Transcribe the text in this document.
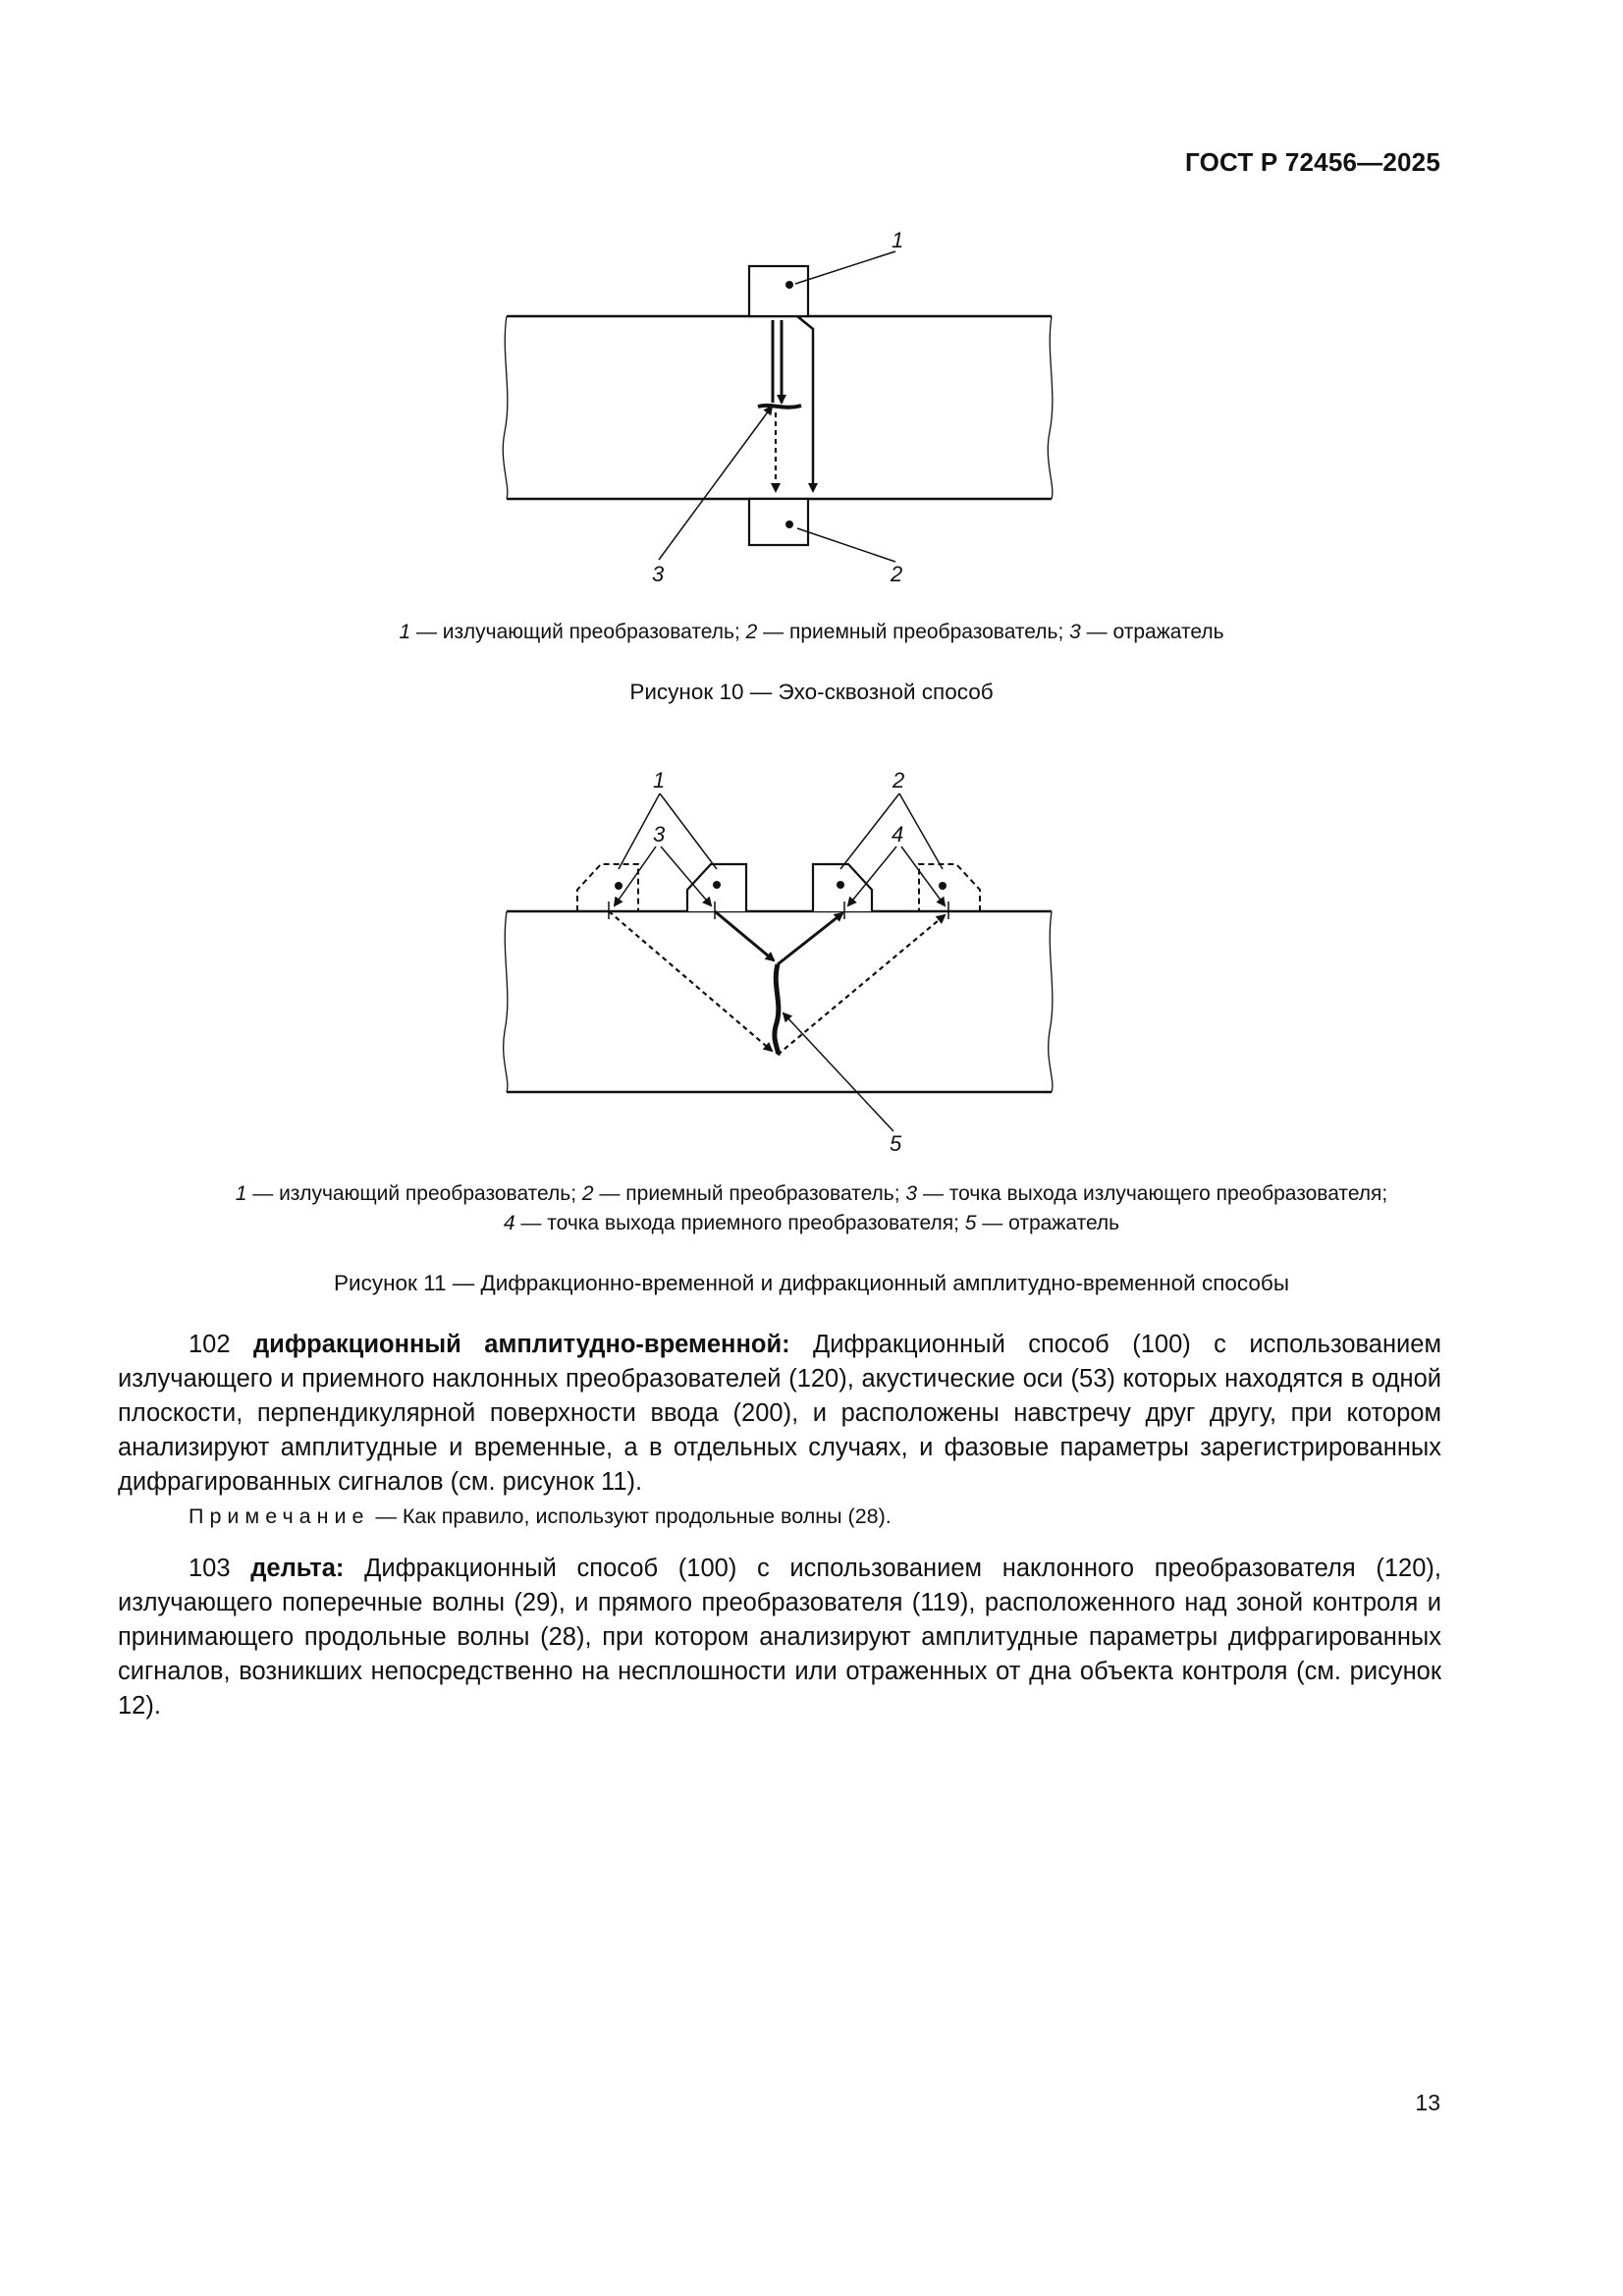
ГОСТ Р 72456—2025
1
3	2
1 — излучающий преобразователь; 2 — приемный преобразователь; 3 — отражатель
Рисунок 10 — Эхо-сквозной способ
1	2
3	4
5
1 — излучающий преобразователь; 2 — приемный преобразователь; 3 — точка выхода излучающего преобразователя;
4 — точка выхода приемного преобразователя; 5 — отражатель
Рисунок 11 — Дифракционно-временной и дифракционный амплитудно-временной способы
102 дифракционный амплитудно-временной: Дифракционный способ (100) с использованием излучающего и приемного наклонных преобразователей (120), акустические оси (53) которых находятся в одной плоскости, перпендикулярной поверхности ввода (200), и расположены навстречу друг другу, при котором анализируют амплитудные и временные, а в отдельных случаях, и фазовые параметры зарегистрированных дифрагированных сигналов (см. рисунок 11).
Примечание — Как правило, используют продольные волны (28).
103 дельта: Дифракционный способ (100) с использованием наклонного преобразователя (120), излучающего поперечные волны (29), и прямого преобразователя (119), расположенного над зоной контроля и принимающего продольные волны (28), при котором анализируют амплитудные параметры дифрагированных сигналов, возникших непосредственно на несплошности или отраженных от дна объекта контроля (см. рисунок 12).
13
